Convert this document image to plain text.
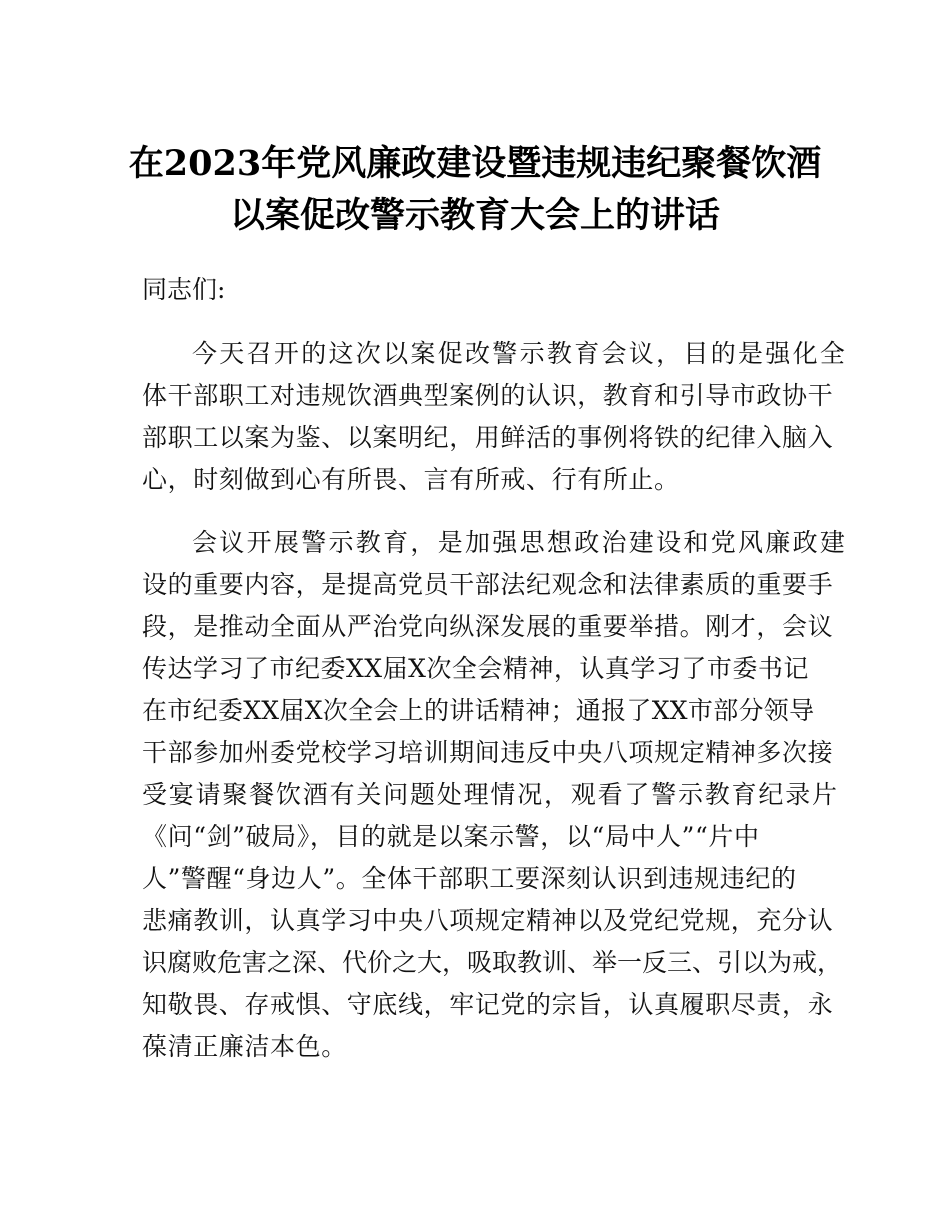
在2023年党风廉政建设暨违规违纪聚餐饮酒
以案促改警示教育大会上的讲话
同志们:
今天召开的这次以案促改警示教育会议，目的是强化全
体干部职工对违规饮酒典型案例的认识，教育和引导市政协干
部职工以案为鉴、以案明纪，用鲜活的事例将铁的纪律入脑入
心，时刻做到心有所畏、言有所戒、行有所止。
会议开展警示教育，是加强思想政治建设和党风廉政建
设的重要内容，是提高党员干部法纪观念和法律素质的重要手
段，是推动全面从严治党向纵深发展的重要举措。刚才，会议
传达学习了市纪委XX届X次全会精神，认真学习了市委书记
在市纪委XX届X次全会上的讲话精神；通报了XX市部分领导
干部参加州委党校学习培训期间违反中央八项规定精神多次接
受宴请聚餐饮酒有关问题处理情况，观看了警示教育纪录片
《问“剑”破局》，目的就是以案示警，以“局中人”“片中
人”警醒“身边人”。全体干部职工要深刻认识到违规违纪的
悲痛教训，认真学习中央八项规定精神以及党纪党规，充分认
识腐败危害之深、代价之大，吸取教训、举一反三、引以为戒，
知敬畏、存戒惧、守底线，牢记党的宗旨，认真履职尽责，永
葆清正廉洁本色。
